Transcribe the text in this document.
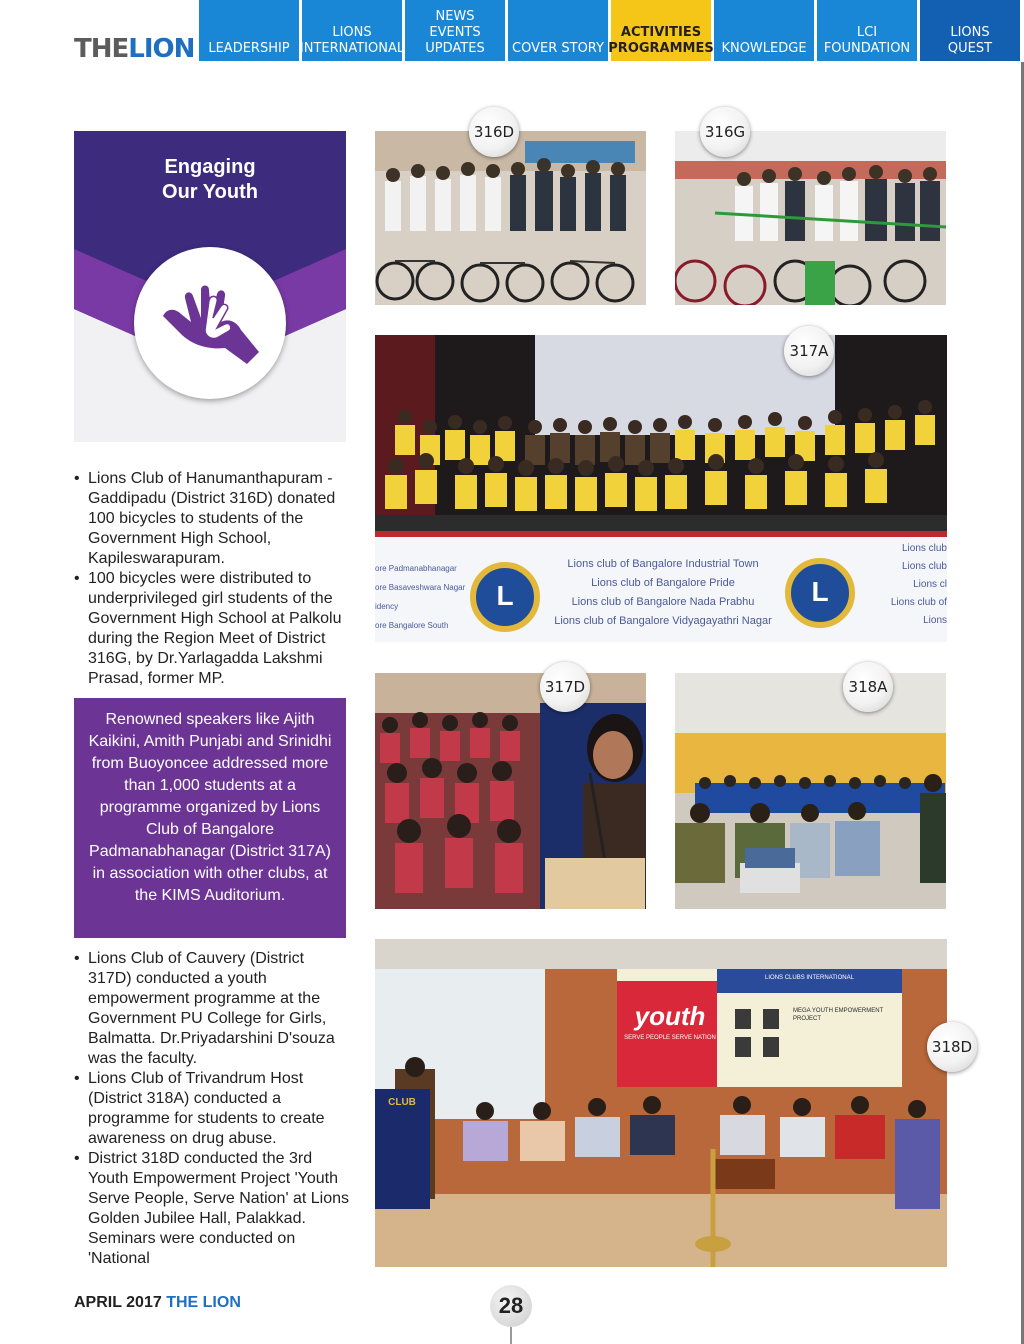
THELION	LEADERSHIP
LIONS
INTERNATIONAL
NEWS
EVENTS
UPDATES	COVER STORY
ACTIVITIES
PROGRAMMES KNOWLEDGE
LCI
FOUNDATION
LIONS
QUEST
Engaging
Our Youth
• Lions Club of Hanumanthapuram -Gaddipadu (District 316D) donated 100 bicycles to students of the Government High School, Kapileswarapuram.
• 100 bicycles were distributed to underprivileged girl students of the Government High School at Palkolu during the Region Meet of District 316G, by Dr.Yarlagadda Lakshmi Prasad, former MP.
Renowned speakers like Ajith Kaikini, Amith Punjabi and Srinidhi from Buoyoncee addressed more than 1,000 students at a programme organized by Lions Club of Bangalore Padmanabhanagar (District 317A) in association with other clubs, at the KIMS Auditorium.
• Lions Club of Cauvery (District 317D) conducted a youth empowerment programme at the Government PU College for Girls, Balmatta. Dr.Priyadarshini D'souza was the faculty.
• Lions Club of Trivandrum Host (District 318A) conducted a programme for students to create awareness on drug abuse.
• District 318D conducted the 3rd Youth Empowerment Project 'Youth Serve People, Serve Nation' at Lions Golden Jubilee Hall, Palakkad. Seminars were conducted on 'National
316D	316G
L	L
ore Padmanabhanagar
ore Basaveshwara Nagar
idency
ore Bangalore South
Lions club of Bangalore Industrial Town
Lions club of Bangalore Pride
Lions club of Bangalore Nada Prabhu
Lions club of Bangalore Vidyagayathri Nagar
Lions club
Lions club
Lions cl
Lions club of
Lions
317A
317D	318A
youth
SERVE PEOPLE SERVE NATION
LIONS CLUBS INTERNATIONAL
MEGA YOUTH EMPOWERMENT PROJECT
CLUB
318D
APRIL 2017 THE LION	28
